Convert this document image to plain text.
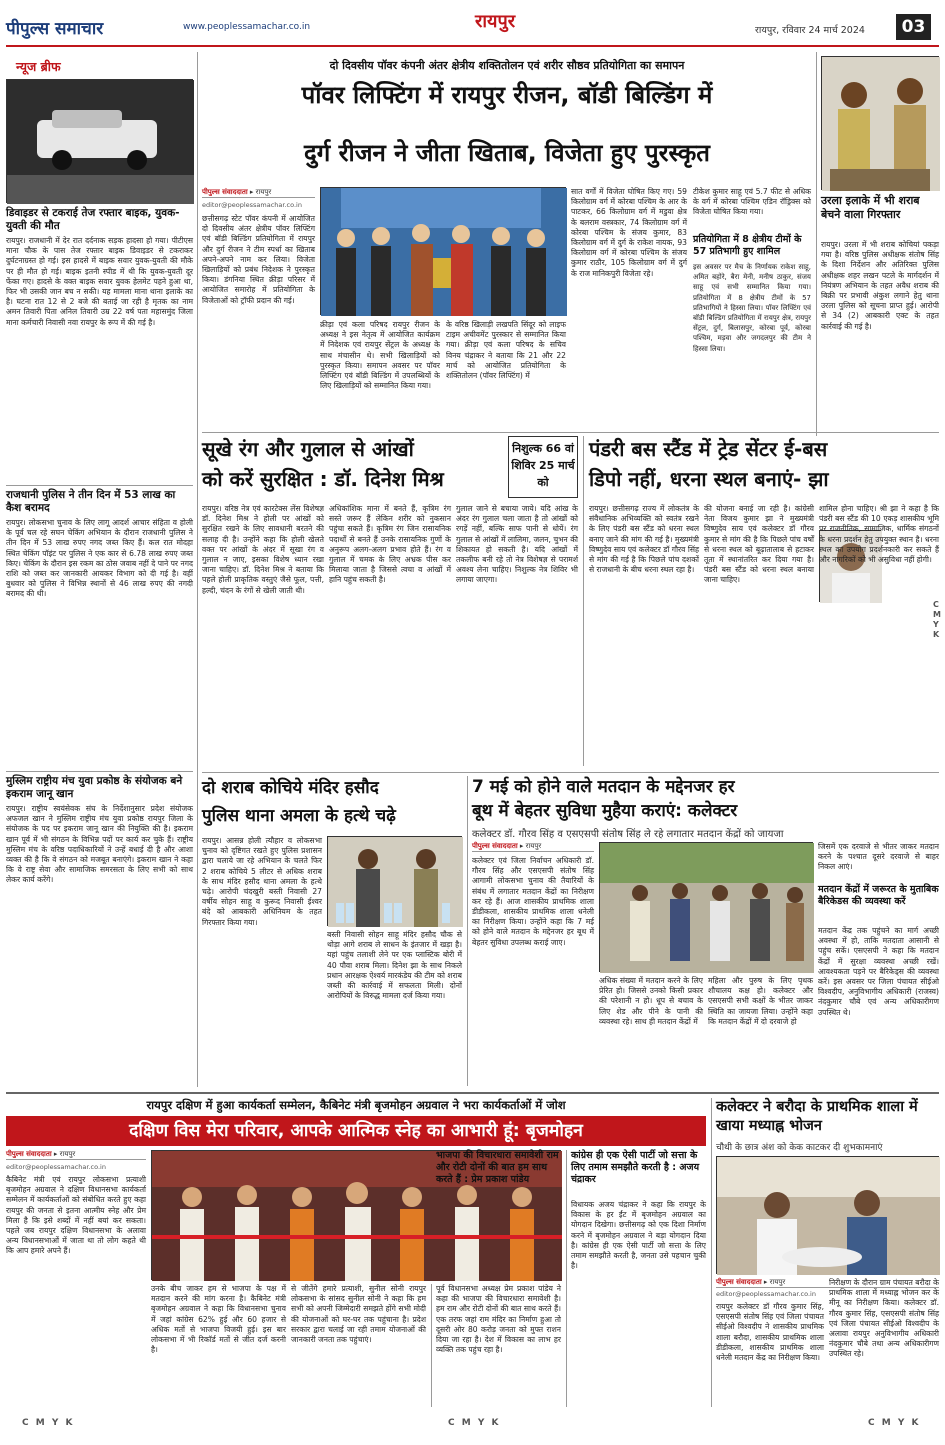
पीपुल्स समाचार	www.peoplessamachar.co.in	रायपुर	रायपुर, रविवार 24 मार्च 2024	03
न्यूज ब्रीफ
डिवाइडर से टकराई तेज रफ्तार बाइक, युवक-युवती की मौत
रायपुर। राजधानी में देर रात दर्दनाक सड़क हादसा हो गया। पीटीएस माना चौक के पास तेज रफ्तार बाइक डिवाइडर से टकराकर दुर्घटनाग्रस्त हो गई। इस हादसे में बाइक सवार युवक-युवती की मौके पर ही मौत हो गई। बाइक इतनी स्पीड में थी कि युवक-युवती दूर फेंका गए। हादसे के वक्त बाइक सवार युवक हेलमेट पहने हुआ था, फिर भी उसकी जान बच न सकी। यह मामला माना थाना इलाके का है। घटना रात 12 से 2 बजे की बताई जा रही है मृतक का नाम अमन तिवारी पिता अनिल तिवारी उम्र 22 वर्ष पता महासमुंद जिला माना कर्मचारी निवासी नवा रायपुर के रूप में की गई है।
राजधानी पुलिस ने तीन दिन में 53 लाख का कैश बरामद
रायपुर। लोकसभा चुनाव के लिए लागू आदर्श आचार संहिता व होली के पूर्व चल रहे सघन चेकिंग अभियान के दौरान राजधानी पुलिस ने तीन दिन में 53 लाख रुपए नगद जब्त किए हैं। कल रात मोदहा स्थित चेकिंग पॉइंट पर पुलिस ने एक कार से 6.78 लाख रुपए जब्त किए। चेकिंग के दौरान इस रकम का ठोस जवाब नहीं दे पाने पर नगद राशि को जब्त कर जानकारी आयकर विभाग को दी गई है। वहीं बुधवार को पुलिस ने विभिन्न स्थानों से 46 लाख रुपए की नगदी बरामद की थी।
मुस्लिम राष्ट्रीय मंच युवा प्रकोष्ठ के संयोजक बने इकराम जानू खान
रायपुर। राष्ट्रीय स्वयंसेवक संघ के निर्देशानुसार प्रदेश संयोजक अफजल खान ने मुस्लिम राष्ट्रीय मंच युवा प्रकोष्ठ रायपुर जिला के संयोजक के पद पर इकराम जानू खान की नियुक्ति की है। इकराम खान पूर्व में भी संगठन के विभिन्न पदों पर कार्य कर चुके हैं। राष्ट्रीय मुस्लिम मंच के वरिष्ठ पदाधिकारियों ने उन्हें बधाई दी है और आशा व्यक्त की है कि वे संगठन को मजबूत बनाएंगे। इकराम खान ने कहा कि वे राष्ट्र सेवा और सामाजिक समरसता के लिए सभी को साथ लेकर कार्य करेंगे।
दो दिवसीय पॉवर कंपनी अंतर क्षेत्रीय शक्तितोलन एवं शरीर सौष्ठव प्रतियोगिता का समापन
पॉवर लिफ्टिंग में रायपुर रीजन, बॉडी बिल्डिंग में
दुर्ग रीजन ने जीता खिताब, विजेता हुए पुरस्कृत
पीपुल्स संवाददाता ▸ रायपुर
editor@peoplessamachar.co.in
छत्तीसगढ़ स्टेट पॉवर कंपनी में आयोजित दो दिवसीय अंतर क्षेत्रीय पॉवर लिफ्टिंग एवं बॉडी बिल्डिंग प्रतियोगिता में रायपुर और दुर्ग रीजन ने टीम स्पर्धा का खिताब अपने-अपने नाम कर लिया। विजेता खिलाड़ियों को प्रबंध निदेशक ने पुरस्कृत किया। डंगनिया स्थित क्रीड़ा परिसर में आयोजित समारोह में प्रतियोगिता के विजेताओं को ट्रॉफी प्रदान की गई।
क्रीड़ा एवं कला परिषद रायपुर रीजन के अध्यक्ष ने इस नेतृत्व में आयोजित कार्यक्रम में निदेशक एवं रायपुर सेंट्रल के अध्यक्ष के साथ मंचासीन थे। सभी खिलाड़ियों को पुरस्कृत किया। समापन अवसर पर पॉवर लिफ्टिंग एवं बॉडी बिल्डिंग में उपलब्धियों के लिए खिलाड़ियों को सम्मानित किया गया।
के वरिष्ठ खिलाड़ी लखपति सिंदूर को लाइफ टाइम अचीवमेंट पुरस्कार से सम्मानित किया गया। क्रीड़ा एवं कला परिषद के सचिव विनय चंद्राकर ने बताया कि 21 और 22 मार्च को आयोजित प्रतियोगिता के शक्तितोलन (पॉवर लिफ्टिंग) में
सात वर्गों में विजेता घोषित किए गए। 59 किलोग्राम वर्ग में कोरबा पश्चिम के आर के पाटकर, 66 किलोग्राम वर्ग में मडुवा क्षेत्र के बलराम वस्त्रकार, 74 किलोग्राम वर्ग में कोरबा पश्चिम के संजय कुमार, 83 किलोग्राम वर्ग में दुर्ग के राकेश नायक, 93 किलोग्राम वर्ग में कोरबा पश्चिम के संजय कुमार राठौर, 105 किलोग्राम वर्ग में दुर्ग के राज मानिकपुरी विजेता रहे।
टीकेश कुमार साहू एवं 5.7 फीट से अधिक के वर्ग में कोरबा पश्चिम एडिन रॉड्रिक्स को विजेता घोषित किया गया।
प्रतियोगिता में 8 क्षेत्रीय टीमों के 57 प्रतिभागी हुए शामिल
इस अवसर पर मैच के निर्णायक राकेश साहू, अमित बहोरे, बैरा मेनी, मनीष ठाकुर, संजय साहू एवं सभी सम्मानित किया गया। प्रतियोगिता में 8 क्षेत्रीय टीमों के 57 प्रतिभागियों ने हिस्सा लिया। पॉवर लिफ्टिंग एवं बॉडी बिल्डिंग प्रतियोगिता में रायपुर क्षेत्र, रायपुर सेंट्रल, दुर्ग, बिलासपुर, कोरबा पूर्व, कोरबा पश्चिम, मड़वा और जगदलपुर की टीम ने हिस्सा लिया।
उरला इलाके में भी शराब बेचने वाला गिरफ्तार
रायपुर। उरला में भी शराब कोचियां पकड़ा गया है। वरिष्ठ पुलिस अधीक्षक संतोष सिंह के दिशा निर्देशन और अतिरिक्त पुलिस अधीक्षक शहर लखन पटले के मार्गदर्शन में नियंत्रण अभियान के तहत अवैध शराब की बिक्री पर प्रभावी अंकुश लगाने हेतु थाना उरला पुलिस को सूचना प्राप्त हुई। आरोपी से 34 (2) आबकारी एक्ट के तहत कार्रवाई की गई है।
सूखे रंग और गुलाल से आंखों
को करें सुरक्षित : डॉ. दिनेश मिश्र
निशुल्क 66 वां शिविर 25 मार्च को
रायपुर। वरिष्ठ नेत्र एवं कारटेक्स लेंस विशेषज्ञ डॉ. दिनेश मिश्र ने होली पर आंखों को सुरक्षित रखने के लिए सावधानी बरतने की सलाह दी है। उन्होंने कहा कि होली खेलते वक्त पर आंखों के अंदर में सूखा रंग व गुलाल न जाए, इसका विशेष ध्यान रखा जाना चाहिए। डॉ. दिनेश मिश्र ने बताया कि पहले होली प्राकृतिक वस्तुएं जैसे फूल, पत्ती, हल्दी, चंदन के रंगों से खेली जाती थी।
अधिकांशिक माना में बनते हैं, कृत्रिम रंग सस्ते जरूर हैं लेकिन शरीर को नुकसान पहुंचा सकते हैं। कृत्रिम रंग जिन रासायनिक पदार्थों से बनते हैं उनके रासायनिक गुणों के अनुरूप अलग-अलग प्रभाव होते हैं। रंग व गुलाल में चमक के लिए अभ्रक पीस कर मिलाया जाता है जिससे त्वचा व आंखों में हानि पहुंच सकती है।
गुलाल जाने से बचाया जाये। यदि आंख के अंदर रंग गुलाल चला जाता है तो आंखों को रगड़ें नहीं, बल्कि साफ पानी से धोयें। रंग गुलाल से आंखों में लालिमा, जलन, चुभन की शिकायत हो सकती है। यदि आंखों में तकलीफ बनी रहे तो नेत्र विशेषज्ञ से परामर्श अवश्य लेना चाहिए। निशुल्क नेत्र शिविर भी लगाया जाएगा।
पंडरी बस स्टैंड में ट्रेड सेंटर ई-बस
डिपो नहीं, धरना स्थल बनाएं- झा
रायपुर। छत्तीसगढ़ राज्य में लोकतंत्र के संवैधानिक अभिव्यक्ति को स्वतंत्र रखने के लिए पंडरी बस स्टैंड को धरना स्थल बनाए जाने की मांग की गई है। मुख्यमंत्री विष्णुदेव साय एवं कलेक्टर डॉ गौरव सिंह से मांग की गई है कि पिछले पांच दशकों से राजधानी के बीच धरना स्थल रहा है।
की योजना बनाई जा रही है। कांग्रेसी नेता विजय कुमार झा ने मुख्यमंत्री विष्णुदेव साय एवं कलेक्टर डॉ गौरव कुमार से मांग की है कि पिछले पांच वर्षों से धरना स्थल को बूढ़ातालाब से हटाकर तूता में स्थानांतरित कर दिया गया है। पंडरी बस स्टैंड को धरना स्थल बनाया जाना चाहिए।
शामिल होना चाहिए। श्री झा ने कहा है कि पंडरी बस स्टैंड की 10 एकड़ शासकीय भूमि पर राजनीतिक, सामाजिक, धार्मिक संगठनों के धरना प्रदर्शन हेतु उपयुक्त स्थान है। धरना स्थल का उपयोग प्रदर्शनकारी कर सकते हैं और नागरिकों को भी असुविधा नहीं होगी।
दो शराब कोचिये मंदिर हसौद
पुलिस थाना अमला के हत्थे चढ़े
रायपुर। आसन्न होली त्यौहार व लोकसभा चुनाव को दृष्टिगत रखते हुए पुलिस प्रशासन द्वारा चलाये जा रहे अभियान के चलते फिर 2 शराब कोचिये 5 लीटर से अधिक शराब के साथ मंदिर हसौद थाना अमला के हत्थे चढ़े। आरोपी चंदखुरी बस्ती निवासी 27 वर्षीय सोहन साहू व कुरूद निवासी ईश्वर बंदे को आबकारी अधिनियम के तहत गिरफ्तार किया गया।
बस्ती निवासी सोहन साहू मंदिर हसौद चौक से थोड़ा आगे शराब ले साधन के इंतजार में खड़ा है। यहां पहुंच तलाशी लेने पर एक प्लास्टिक बोरी में 40 पौवा शराब मिला। दिनेश झा के साथ निकले प्रधान आरक्षक ऐश्वर्य मारकंडेय की टीम को शराब जब्ती की कार्रवाई में सफलता मिली। दोनों आरोपियों के विरुद्ध मामला दर्ज किया गया।
7 मई को होने वाले मतदान के मद्देनजर हर
बूथ में बेहतर सुविधा मुहैया कराएं: कलेक्टर
कलेक्टर डॉ. गौरव सिंह व एसएसपी संतोष सिंह ले रहे लगातार मतदान केंद्रों को जायजा
पीपुल्स संवाददाता ▸ रायपुर
कलेक्टर एवं जिला निर्वाचन अधिकारी डॉ. गौरव सिंह और एसएसपी संतोष सिंह आगामी लोकसभा चुनाव की तैयारियों के संबंध में लगातार मतदान केंद्रों का निरीक्षण कर रहे हैं। आज शासकीय प्राथमिक शाला डीडीकला, शासकीय प्राथमिक शाला धनेली का निरीक्षण किया। उन्होंने कहा कि 7 मई को होने वाले मतदान के मद्देनजर हर बूथ में बेहतर सुविधा उपलब्ध कराई जाए।
अधिक संख्या में मतदान करने के लिए प्रेरित हो। जिससे उनको किसी प्रकार की परेशानी न हो। धूप से बचाव के लिए शेड और पीने के पानी की व्यवस्था रहे। साथ ही मतदान केंद्रों में
महिला और पुरुष के लिए पृथक शौचालय कक्ष हो। कलेक्टर और एसएसपी सभी कक्षों के भीतर जाकर स्थिति का जायजा लिया। उन्होंने कहा कि मतदान केंद्रों में दो दरवाजे हो
जिसमें एक दरवाजे से भीतर जाकर मतदान करने के पश्चात दूसरे दरवाजे से बाहर निकल आएं।
मतदान केंद्रों में जरूरत के मुताबिक बैरिकेडस की व्यवस्था करें
मतदान केंद्र तक पहुंचने का मार्ग अच्छी अवस्था में हो, ताकि मतदाता आसानी से पहुंच सकें। एसएसपी ने कहा कि मतदान केंद्रों में सुरक्षा व्यवस्था अच्छी रखें। आवश्यकता पड़ने पर बैरिकेड्स की व्यवस्था करें। इस अवसर पर जिला पंचायत सीईओ विश्वदीप, अनुविभागीय अधिकारी (राजस्व) नंदकुमार चौबे एवं अन्य अधिकारीगण उपस्थित थे।
रायपुर दक्षिण में हुआ कार्यकर्ता सम्मेलन, कैबिनेट मंत्री बृजमोहन अग्रवाल ने भरा कार्यकर्ताओं में जोश
दक्षिण विस मेरा परिवार, आपके आत्मिक स्नेह का आभारी हूं: बृजमोहन
पीपुल्स संवाददाता ▸ रायपुर
editor@peoplessamachar.co.in
कैबिनेट मंत्री एवं रायपुर लोकसभा प्रत्याशी बृजमोहन अग्रवाल ने दक्षिण विधानसभा कार्यकर्ता सम्मेलन में कार्यकर्ताओं को संबोधित करते हुए कहा रायपुर की जनता से इतना आत्मीय स्नेह और प्रेम मिला है कि इसे शब्दों में नहीं बयां कर सकता। पहले जब रायपुर दक्षिण विधानसभा के अलावा अन्य विधानसभाओं में जाता था तो लोग कहते थी कि आप हमारे अपने हैं।
उनके बीच जाकर हम से भाजपा के पक्ष में मतदान करने की मांग करना है। कैबिनेट मंत्री बृजमोहन अग्रवाल ने कहा कि विधानसभा चुनाव में जहां कांग्रेस 62% हुई और 60 हजार से अधिक मतों से भाजपा विजयी हुई। इस बार लोकसभा में भी रिकॉर्ड मतों से जीत दर्ज करनी है।
से जीतेंगे हमारे प्रत्याशी, सुनील सोनी रायपुर लोकसभा के सांसद सुनील सोनी ने कहा कि हम सभी को अपनी जिम्मेदारी समझते होंगे सभी मोदी की योजनाओं को घर-घर तक पहुंचाना है। प्रदेश सरकार द्वारा चलाई जा रही तमाम योजनाओं की जानकारी जनता तक पहुंचाएं।
भाजपा की विचारधारा समावेशी राम और रोटी दोनों की बात हम साथ करते हैं : प्रेम प्रकाश पांडेय
पूर्व विधानसभा अध्यक्ष प्रेम प्रकाश पांडेय ने कहा की भाजपा की विचारधारा समावेशी है। हम राम और रोटी दोनों की बात साथ करते हैं। एक तरफ जहां राम मंदिर का निर्माण हुआ तो दूसरी ओर 80 करोड़ जनता को मुफ्त राशन दिया जा रहा है। देश में विकास का लाभ हर व्यक्ति तक पहुंच रहा है।
कांग्रेस ही एक ऐसी पार्टी जो सत्ता के लिए तमाम समझौते करती है : अजय चंद्राकर
विधायक अजय चंद्राकर ने कहा कि रायपुर के विकास के हर ईंट में बृजमोहन अग्रवाल का योगदान दिखेगा। छत्तीसगढ़ को एक दिशा निर्माण करने में बृजमोहन अग्रवाल ने बड़ा योगदान दिया है। कांग्रेस ही एक ऐसी पार्टी जो सत्ता के लिए तमाम समझौते करती है, जनता उसे पहचान चुकी है।
कलेक्टर ने बरौदा के प्राथमिक शाला में खाया मध्याह्न भोजन
चौथी के छात्र अंश को केक काटकर दी शुभकामनाएं
पीपुल्स संवाददाता ▸ रायपुर
editor@peoplessamachar.co.in
रायपुर कलेक्टर डॉ गौरव कुमार सिंह, एसएसपी संतोष सिंह एवं जिला पंचायत सीईओ विश्वदीप ने शासकीय प्राथमिक शाला बरौदा, शासकीय प्राथमिक शाला डीडीकला, शासकीय प्राथमिक शाला धनेली मतदान केंद्र का निरीक्षण किया।
निरीक्षण के दौरान ग्राम पंचायत बरौदा के प्राथमिक शाला में मध्याह्न भोजन कर के मीनू का निरीक्षण किया। कलेक्टर डॉ. गौरव कुमार सिंह, एसएसपी संतोष सिंह एवं जिला पंचायत सीईओ विश्वदीप के अलावा रायपुर अनुविभागीय अधिकारी नंदकुमार चौबे तथा अन्य अधिकारीगण उपस्थित रहे।
C M Y K	C M Y K	C M Y K
CMYK
